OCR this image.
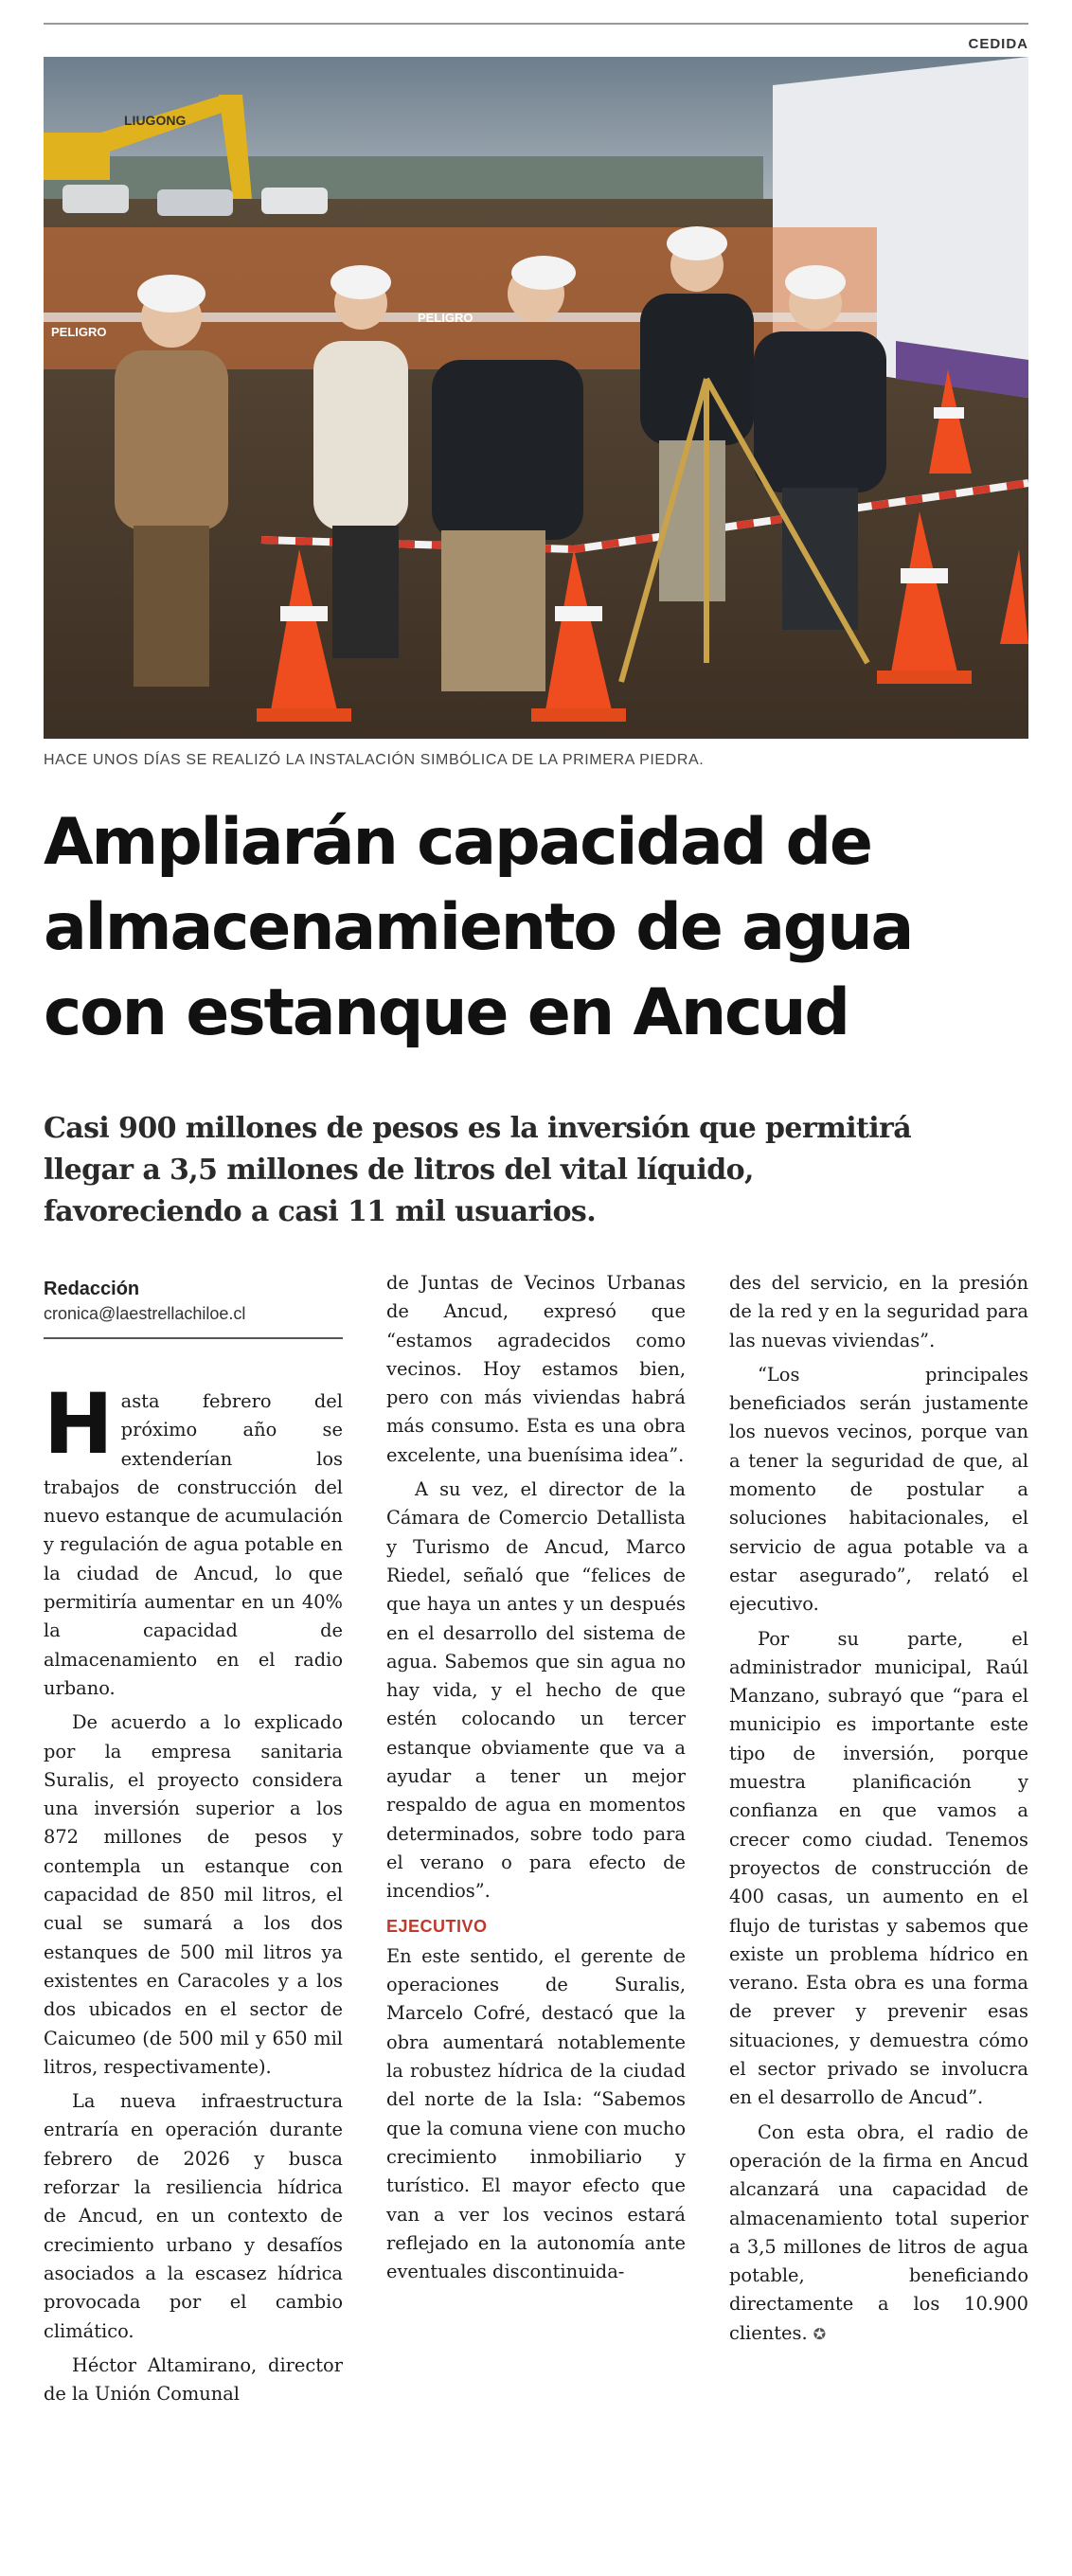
CEDIDA
LIUGONG
PELIGRO
PELIGRO
HACE UNOS DÍAS SE REALIZÓ LA INSTALACIÓN SIMBÓLICA DE LA PRIMERA PIEDRA.
Ampliarán capacidad de
almacenamiento de agua
con estanque en Ancud
Casi 900 millones de pesos es la inversión que permitirá
llegar a 3,5 millones de litros del vital líquido,
favoreciendo a casi 11 mil usuarios.
Redacción
cronica@laestrellachiloe.cl

Hasta febrero del próximo año se extenderían los trabajos de construcción del nuevo estanque de acumulación y regulación de agua potable en la ciudad de Ancud, lo que permitiría aumentar en un 40% la capacidad de almacenamiento en el radio urbano.

De acuerdo a lo explicado por la empresa sanitaria Suralis, el proyecto considera una inversión superior a los 872 millones de pesos y contempla un estanque con capacidad de 850 mil litros, el cual se sumará a los dos estanques de 500 mil litros ya existentes en Caracoles y a los dos ubicados en el sector de Caicumeo (de 500 mil y 650 mil litros, respectivamente).

La nueva infraestructura entraría en operación durante febrero de 2026 y busca reforzar la resiliencia hídrica de Ancud, en un contexto de crecimiento urbano y desafíos asociados a la escasez hídrica provocada por el cambio climático.

Héctor Altamirano, director de la Unión Comunal

de Juntas de Vecinos Urbanas de Ancud, expresó que “estamos agradecidos como vecinos. Hoy estamos bien, pero con más viviendas habrá más consumo. Esta es una obra excelente, una buenísima idea”.

A su vez, el director de la Cámara de Comercio Detallista y Turismo de Ancud, Marco Riedel, señaló que “felices de que haya un antes y un después en el desarrollo del sistema de agua. Sabemos que sin agua no hay vida, y el hecho de que estén colocando un tercer estanque obviamente que va a ayudar a tener un mejor respaldo de agua en momentos determinados, sobre todo para el verano o para efecto de incendios”.

EJECUTIVO

En este sentido, el gerente de operaciones de Suralis, Marcelo Cofré, destacó que la obra aumentará notablemente la robustez hídrica de la ciudad del norte de la Isla: “Sabemos que la comuna viene con mucho crecimiento inmobiliario y turístico. El mayor efecto que van a ver los vecinos estará reflejado en la autonomía ante eventuales discontinuida-

des del servicio, en la presión de la red y en la seguridad para las nuevas viviendas”.

“Los principales beneficiados serán justamente los nuevos vecinos, porque van a tener la seguridad de que, al momento de postular a soluciones habitacionales, el servicio de agua potable va a estar asegurado”, relató el ejecutivo.

Por su parte, el administrador municipal, Raúl Manzano, subrayó que “para el municipio es importante este tipo de inversión, porque muestra planificación y confianza en que vamos a crecer como ciudad. Tenemos proyectos de construcción de 400 casas, un aumento en el flujo de turistas y sabemos que existe un problema hídrico en verano. Esta obra es una forma de prever y prevenir esas situaciones, y demuestra cómo el sector privado se involucra en el desarrollo de Ancud”.

Con esta obra, el radio de operación de la firma en Ancud alcanzará una capacidad de almacenamiento total superior a 3,5 millones de litros de agua potable, beneficiando directamente a los 10.900 clientes. ✪
